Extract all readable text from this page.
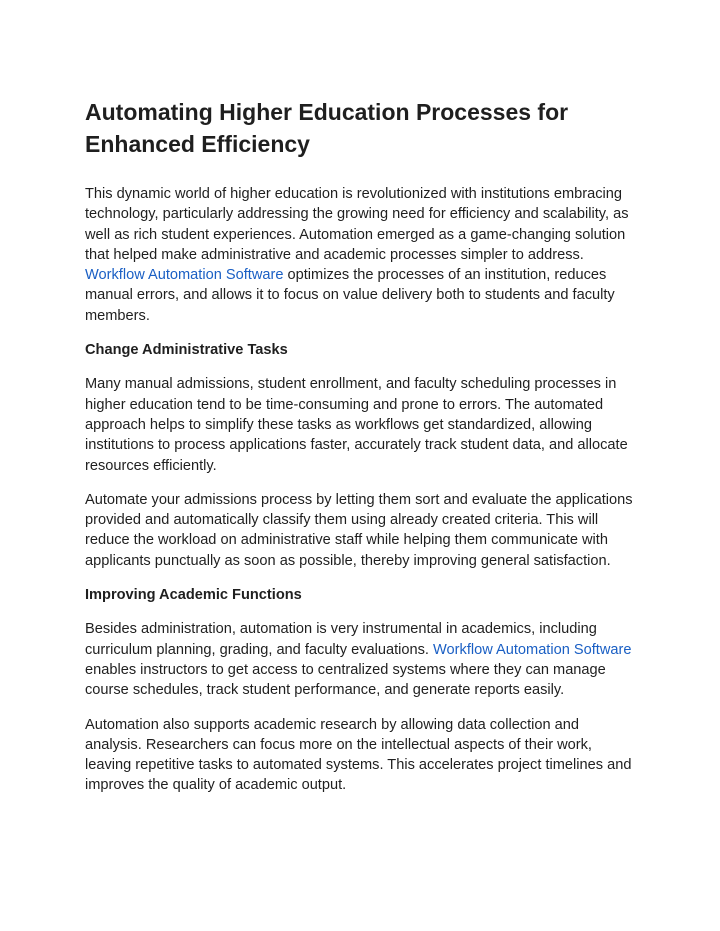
Automating Higher Education Processes for Enhanced Efficiency

This dynamic world of higher education is revolutionized with institutions embracing technology, particularly addressing the growing need for efficiency and scalability, as well as rich student experiences. Automation emerged as a game-changing solution that helped make administrative and academic processes simpler to address. Workflow Automation Software optimizes the processes of an institution, reduces manual errors, and allows it to focus on value delivery both to students and faculty members.

Change Administrative Tasks

Many manual admissions, student enrollment, and faculty scheduling processes in higher education tend to be time-consuming and prone to errors. The automated approach helps to simplify these tasks as workflows get standardized, allowing institutions to process applications faster, accurately track student data, and allocate resources efficiently.

Automate your admissions process by letting them sort and evaluate the applications provided and automatically classify them using already created criteria. This will reduce the workload on administrative staff while helping them communicate with applicants punctually as soon as possible, thereby improving general satisfaction.

Improving Academic Functions

Besides administration, automation is very instrumental in academics, including curriculum planning, grading, and faculty evaluations. Workflow Automation Software enables instructors to get access to centralized systems where they can manage course schedules, track student performance, and generate reports easily.

Automation also supports academic research by allowing data collection and analysis. Researchers can focus more on the intellectual aspects of their work, leaving repetitive tasks to automated systems. This accelerates project timelines and improves the quality of academic output.
